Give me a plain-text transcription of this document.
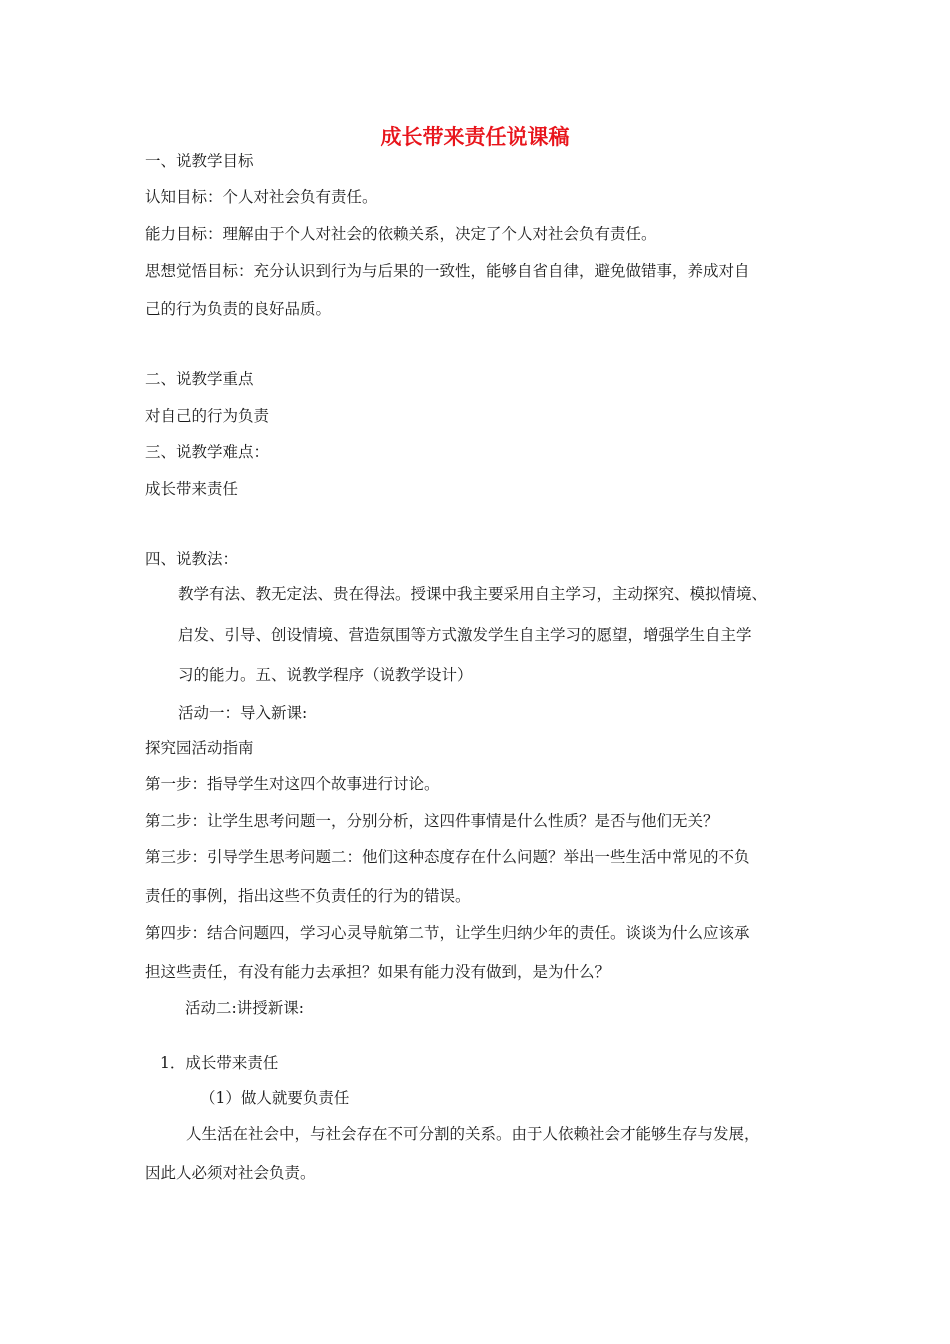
成长带来责任说课稿
一、说教学目标
认知目标：个人对社会负有责任。
能力目标：理解由于个人对社会的依赖关系，决定了个人对社会负有责任。
思想觉悟目标：充分认识到行为与后果的一致性，能够自省自律，避免做错事，养成对自
己的行为负责的良好品质。
二、说教学重点
对自己的行为负责
三、说教学难点：
成长带来责任
四、说教法：
教学有法、教无定法、贵在得法。授课中我主要采用自主学习，主动探究、模拟情境、
启发、引导、创设情境、营造氛围等方式激发学生自主学习的愿望，增强学生自主学
习的能力。五、说教学程序（说教学设计）
活动一：导入新课:
探究园活动指南
第一步：指导学生对这四个故事进行讨论。
第二步：让学生思考问题一，分别分析，这四件事情是什么性质？是否与他们无关？
第三步：引导学生思考问题二：他们这种态度存在什么问题？举出一些生活中常见的不负
责任的事例，指出这些不负责任的行为的错误。
第四步：结合问题四，学习心灵导航第二节，让学生归纳少年的责任。谈谈为什么应该承
担这些责任，有没有能力去承担？如果有能力没有做到，是为什么？
活动二:讲授新课:
1．成长带来责任
（1）做人就要负责任
人生活在社会中，与社会存在不可分割的关系。由于人依赖社会才能够生存与发展，
因此人必须对社会负责。
